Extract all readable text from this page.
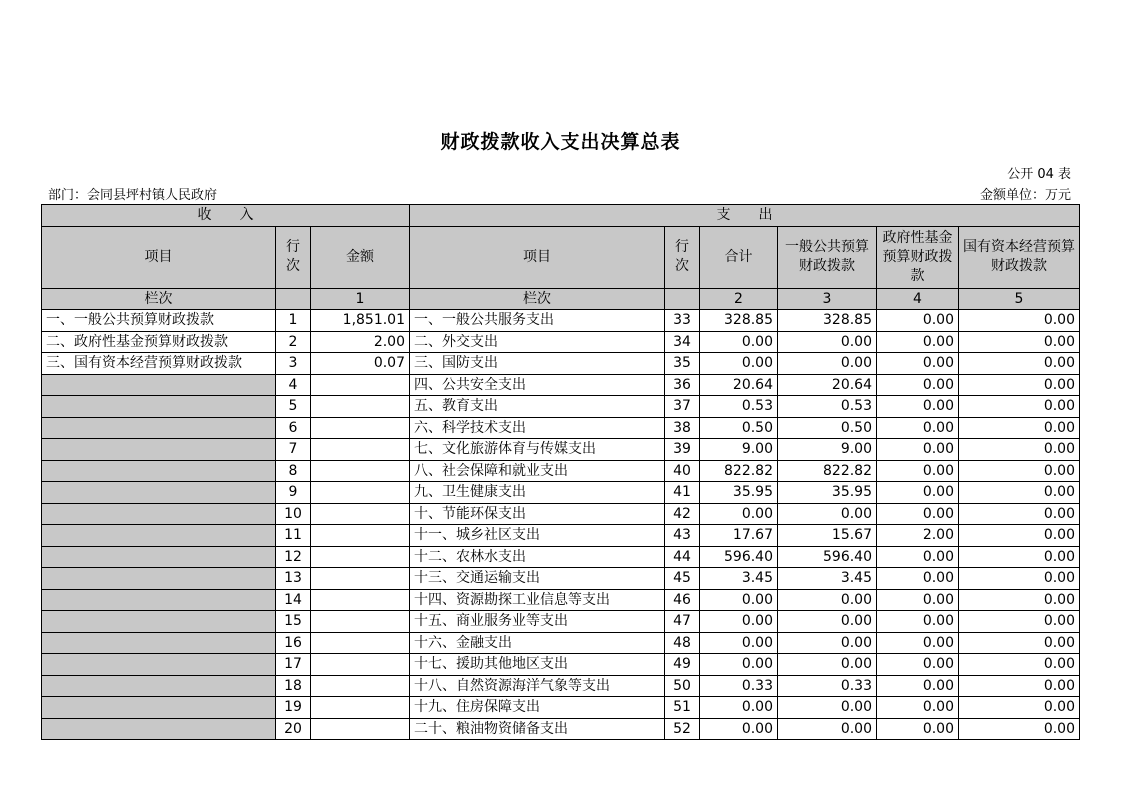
财政拨款收入支出决算总表
公开 04 表
部门：会同县坪村镇人民政府	金额单位：万元
收　　入			支　　出					
项目	行次	金额	项目	行次	合计	一般公共预算财政拨款	政府性基金预算财政拨款	国有资本经营预算财政拨款
栏次		1	栏次		2	3	4	5
一、一般公共预算财政拨款	1	1,851.01	一、一般公共服务支出	33	328.85	328.85	0.00	0.00
二、政府性基金预算财政拨款	2	2.00	二、外交支出	34	0.00	0.00	0.00	0.00
三、国有资本经营预算财政拨款	3	0.07	三、国防支出	35	0.00	0.00	0.00	0.00
	4		四、公共安全支出	36	20.64	20.64	0.00	0.00
	5		五、教育支出	37	0.53	0.53	0.00	0.00
	6		六、科学技术支出	38	0.50	0.50	0.00	0.00
	7		七、文化旅游体育与传媒支出	39	9.00	9.00	0.00	0.00
	8		八、社会保障和就业支出	40	822.82	822.82	0.00	0.00
	9		九、卫生健康支出	41	35.95	35.95	0.00	0.00
	10		十、节能环保支出	42	0.00	0.00	0.00	0.00
	11		十一、城乡社区支出	43	17.67	15.67	2.00	0.00
	12		十二、农林水支出	44	596.40	596.40	0.00	0.00
	13		十三、交通运输支出	45	3.45	3.45	0.00	0.00
	14		十四、资源勘探工业信息等支出	46	0.00	0.00	0.00	0.00
	15		十五、商业服务业等支出	47	0.00	0.00	0.00	0.00
	16		十六、金融支出	48	0.00	0.00	0.00	0.00
	17		十七、援助其他地区支出	49	0.00	0.00	0.00	0.00
	18		十八、自然资源海洋气象等支出	50	0.33	0.33	0.00	0.00
	19		十九、住房保障支出	51	0.00	0.00	0.00	0.00
	20		二十、粮油物资储备支出	52	0.00	0.00	0.00	0.00
